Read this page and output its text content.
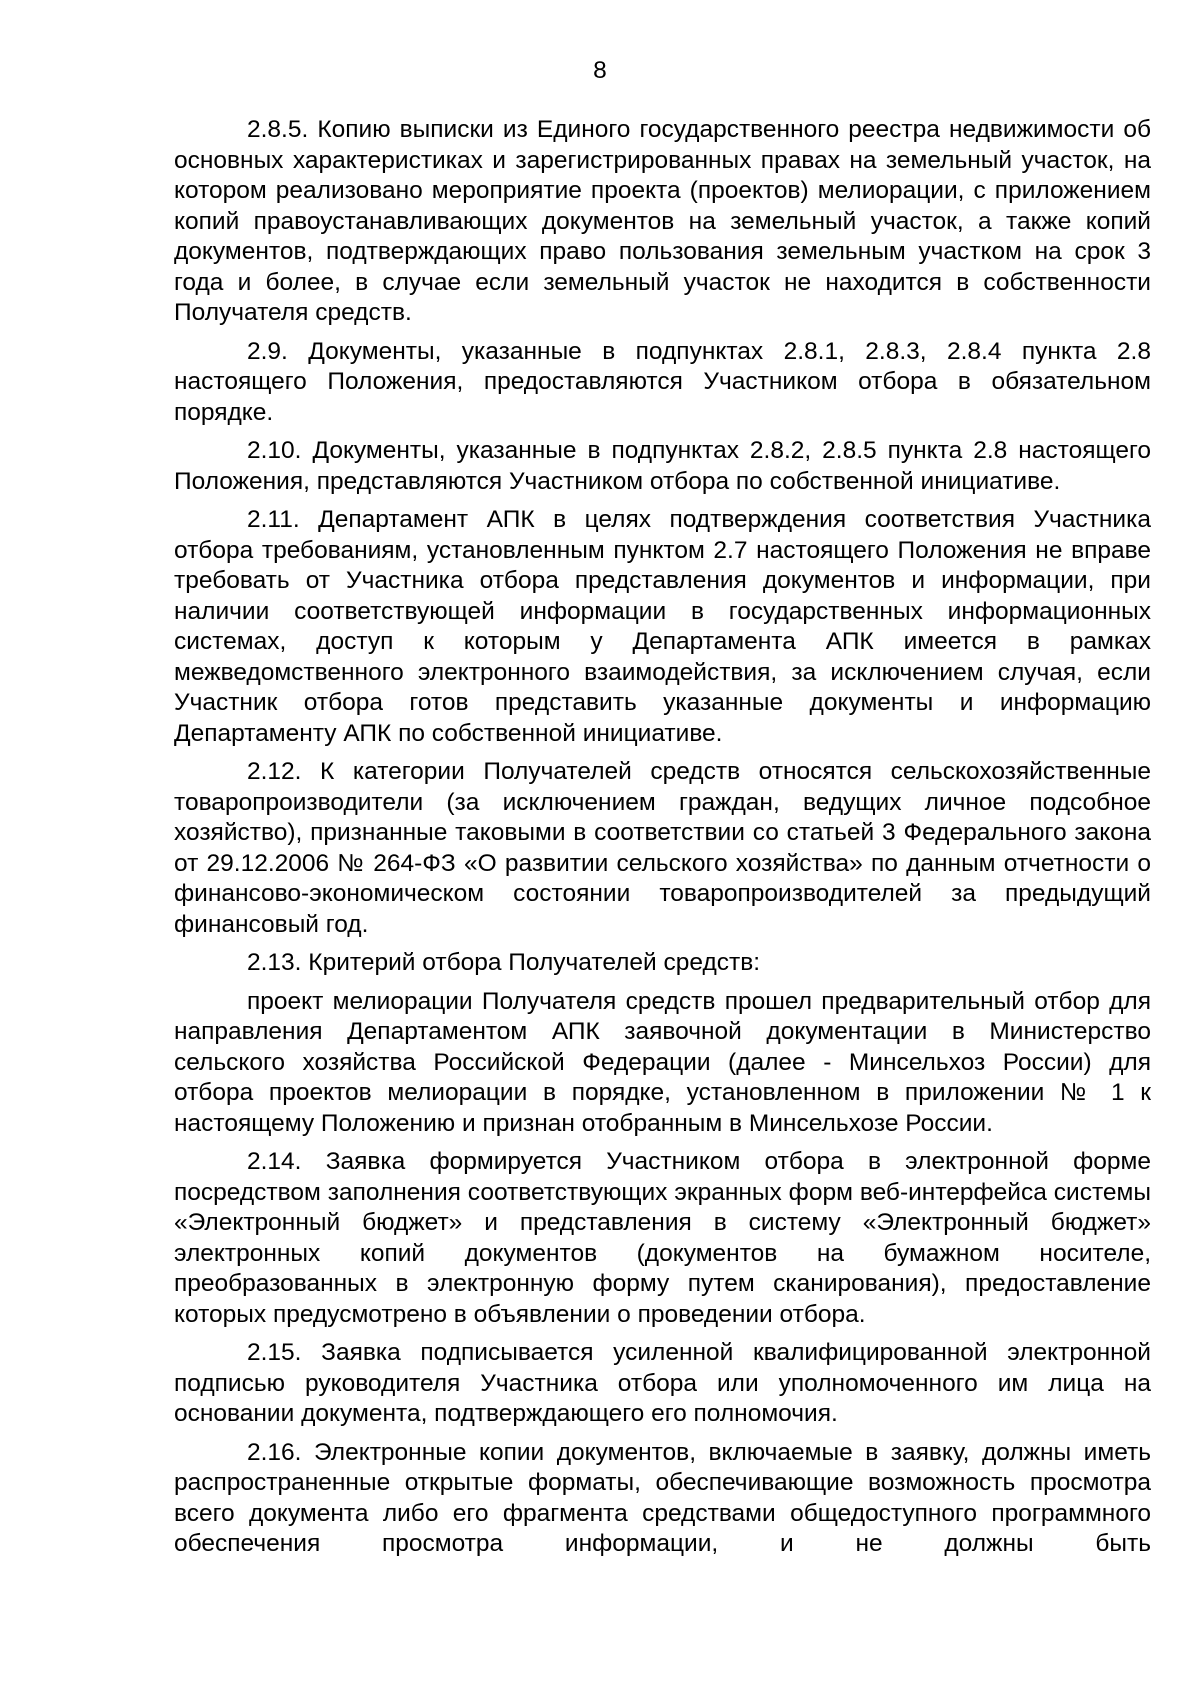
8

2.8.5. Копию выписки из Единого государственного реестра недвижимости об основных характеристиках и зарегистрированных правах на земельный участок, на котором реализовано мероприятие проекта (проектов) мелиорации, с приложением копий правоустанавливающих документов на земельный участок, а также копий документов, подтверждающих право пользования земельным участком на срок 3 года и более, в случае если земельный участок не находится в собственности Получателя средств.

2.9. Документы, указанные в подпунктах 2.8.1, 2.8.3, 2.8.4 пункта 2.8 настоящего Положения, предоставляются Участником отбора в обязательном порядке.

2.10. Документы, указанные в подпунктах 2.8.2, 2.8.5 пункта 2.8 настоящего Положения, представляются Участником отбора по собственной инициативе.

2.11. Департамент АПК в целях подтверждения соответствия Участника отбора требованиям, установленным пунктом 2.7 настоящего Положения не вправе требовать от Участника отбора представления документов и информации, при наличии соответствующей информации в государственных информационных системах, доступ к которым у Департамента АПК имеется в рамках межведомственного электронного взаимодействия, за исключением случая, если Участник отбора готов представить указанные документы и информацию Департаменту АПК по собственной инициативе.

2.12. К категории Получателей средств относятся сельскохозяйственные товаропроизводители (за исключением граждан, ведущих личное подсобное хозяйство), признанные таковыми в соответствии со статьей 3 Федерального закона от 29.12.2006 № 264-ФЗ «О развитии сельского хозяйства» по данным отчетности о финансово-экономическом состоянии товаропроизводителей за предыдущий финансовый год.

2.13. Критерий отбора Получателей средств:

проект мелиорации Получателя средств прошел предварительный отбор для направления Департаментом АПК заявочной документации в Министерство сельского хозяйства Российской Федерации (далее - Минсельхоз России) для отбора проектов мелиорации в порядке, установленном в приложении № 1 к настоящему Положению и признан отобранным в Минсельхозе России.

2.14. Заявка формируется Участником отбора в электронной форме посредством заполнения соответствующих экранных форм веб-интерфейса системы «Электронный бюджет» и представления в систему «Электронный бюджет» электронных копий документов (документов на бумажном носителе, преобразованных в электронную форму путем сканирования), предоставление которых предусмотрено в объявлении о проведении отбора.

2.15. Заявка подписывается усиленной квалифицированной электронной подписью руководителя Участника отбора или уполномоченного им лица на основании документа, подтверждающего его полномочия.

2.16. Электронные копии документов, включаемые в заявку, должны иметь распространенные открытые форматы, обеспечивающие возможность просмотра всего документа либо его фрагмента средствами общедоступного программного обеспечения просмотра информации, и не должны быть
